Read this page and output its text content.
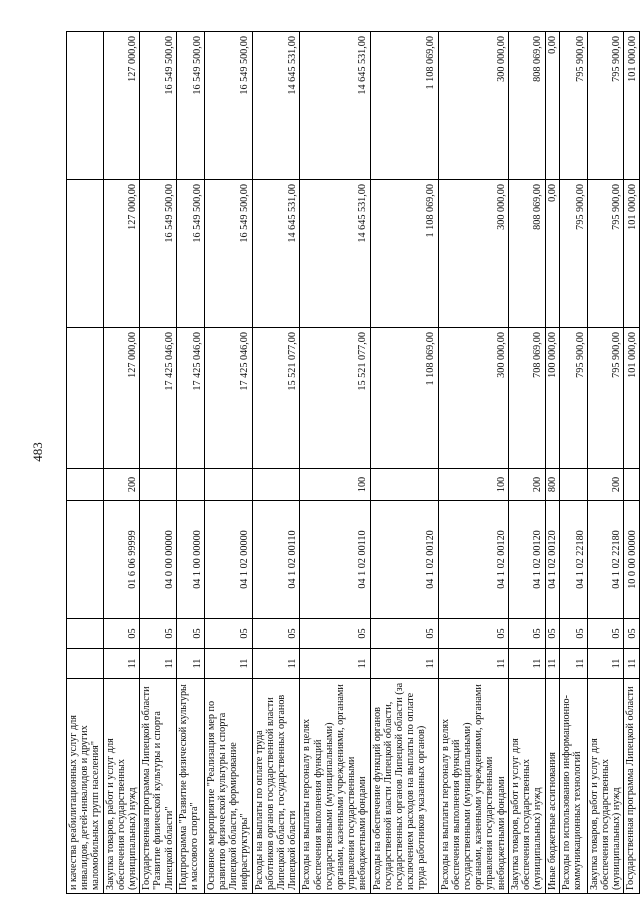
483
и качества реабилитационных услуг для инвалидов, детей-инвалидов и других маломобильных групп населения"							
Закупка товаров, работ и услуг для обеспечения государственных (муниципальных) нужд	11	05	01 6 06 99999	200	127 000,00	127 000,00	127 000,00
Государственная программа Липецкой области "Развитие физической культуры и спорта Липецкой области"	11	05	04 0 00 00000		17 425 046,00	16 549 500,00	16 549 500,00
Подпрограмма "Развитие физической культуры и массового спорта"	11	05	04 1 00 00000		17 425 046,00	16 549 500,00	16 549 500,00
Основное мероприятие "Реализация мер по развитию физической культуры и спорта Липецкой области, формирование инфраструктуры"	11	05	04 1 02 00000		17 425 046,00	16 549 500,00	16 549 500,00
Расходы на выплаты по оплате труда работников органов государственной власти Липецкой области, государственных органов Липецкой области	11	05	04 1 02 00110		15 521 077,00	14 645 531,00	14 645 531,00
Расходы на выплаты персоналу в целях обеспечения выполнения функций государственными (муниципальными) органами, казенными учреждениями, органами управления государственными внебюджетными фондами	11	05	04 1 02 00110	100	15 521 077,00	14 645 531,00	14 645 531,00
Расходы на обеспечение функций органов государственной власти Липецкой области, государственных органов Липецкой области (за исключением расходов на выплаты по оплате труда работников указанных органов)	11	05	04 1 02 00120		1 108 069,00	1 108 069,00	1 108 069,00
Расходы на выплаты персоналу в целях обеспечения выполнения функций государственными (муниципальными) органами, казенными учреждениями, органами управления государственными внебюджетными фондами	11	05	04 1 02 00120	100	300 000,00	300 000,00	300 000,00
Закупка товаров, работ и услуг для обеспечения государственных (муниципальных) нужд	11	05	04 1 02 00120	200	708 069,00	808 069,00	808 069,00
Иные бюджетные ассигнования	11	05	04 1 02 00120	800	100 000,00	0,00	0,00
Расходы по использованию информационно-коммуникационных технологий	11	05	04 1 02 22180		795 900,00	795 900,00	795 900,00
Закупка товаров, работ и услуг для обеспечения государственных (муниципальных) нужд	11	05	04 1 02 22180	200	795 900,00	795 900,00	795 900,00
Государственная программа Липецкой области	11	05	10 0 00 00000		101 000,00	101 000,00	101 000,00
